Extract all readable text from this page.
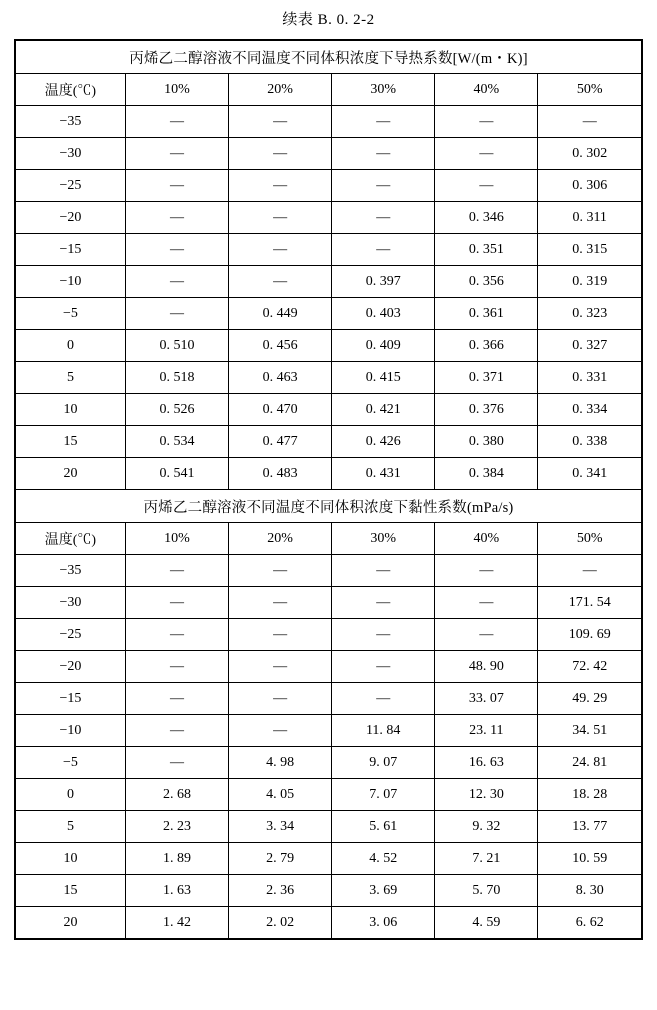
续表 B. 0. 2-2
丙烯乙二醇溶液不同温度不同体积浓度下导热系数[W/(m・K)]					
温度(℃)	10%	20%	30%	40%	50%
−35	—	—	—	—	—
−30	—	—	—	—	0. 302
−25	—	—	—	—	0. 306
−20	—	—	—	0. 346	0. 311
−15	—	—	—	0. 351	0. 315
−10	—	—	0. 397	0. 356	0. 319
−5	—	0. 449	0. 403	0. 361	0. 323
0	0. 510	0. 456	0. 409	0. 366	0. 327
5	0. 518	0. 463	0. 415	0. 371	0. 331
10	0. 526	0. 470	0. 421	0. 376	0. 334
15	0. 534	0. 477	0. 426	0. 380	0. 338
20	0. 541	0. 483	0. 431	0. 384	0. 341
丙烯乙二醇溶液不同温度不同体积浓度下黏性系数(mPa/s)					
温度(℃)	10%	20%	30%	40%	50%
−35	—	—	—	—	—
−30	—	—	—	—	171. 54
−25	—	—	—	—	109. 69
−20	—	—	—	48. 90	72. 42
−15	—	—	—	33. 07	49. 29
−10	—	—	11. 84	23. 11	34. 51
−5	—	4. 98	9. 07	16. 63	24. 81
0	2. 68	4. 05	7. 07	12. 30	18. 28
5	2. 23	3. 34	5. 61	9. 32	13. 77
10	1. 89	2. 79	4. 52	7. 21	10. 59
15	1. 63	2. 36	3. 69	5. 70	8. 30
20	1. 42	2. 02	3. 06	4. 59	6. 62
